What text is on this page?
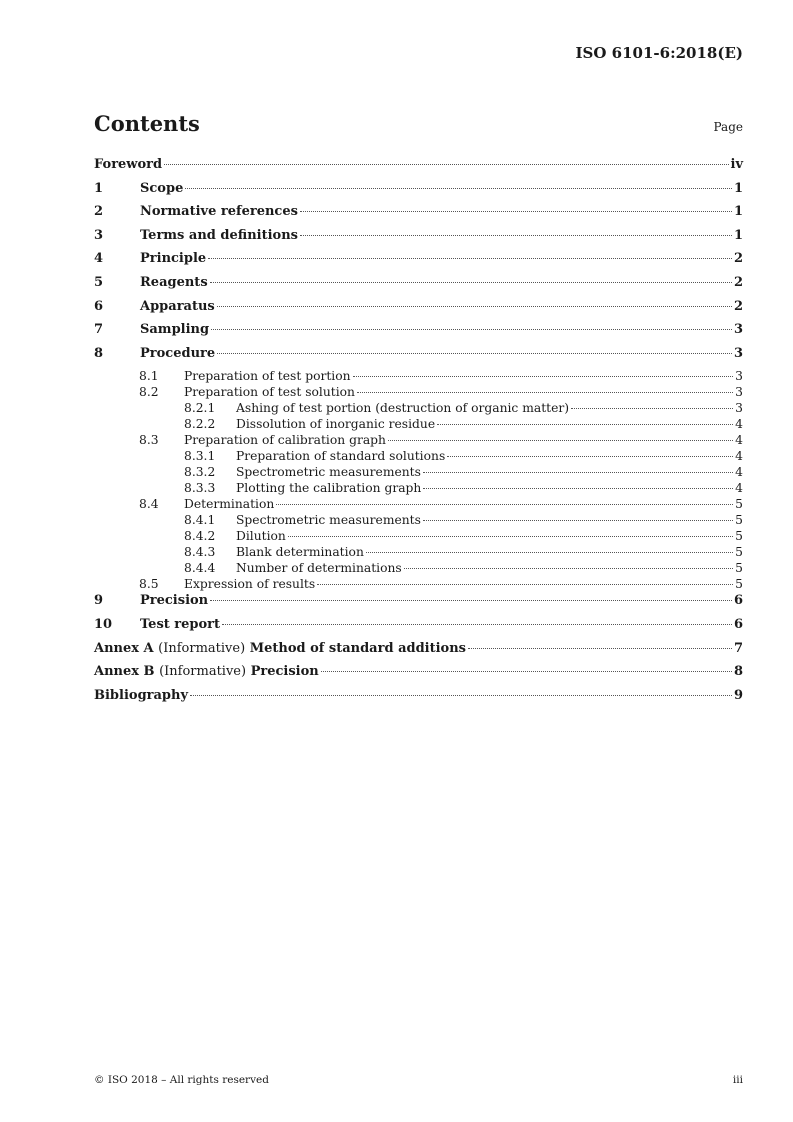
ISO 6101-6:2018(E)
Contents	Page
Foreword	iv
1	Scope	1
2	Normative references	1
3	Terms and definitions	1
4	Principle	2
5	Reagents	2
6	Apparatus	2
7	Sampling	3
8	Procedure	3
8.1	Preparation of test portion	3
8.2	Preparation of test solution	3
8.2.1	Ashing of test portion (destruction of organic matter)	3
8.2.2	Dissolution of inorganic residue	4
8.3	Preparation of calibration graph	4
8.3.1	Preparation of standard solutions	4
8.3.2	Spectrometric measurements	4
8.3.3	Plotting the calibration graph	4
8.4	Determination	5
8.4.1	Spectrometric measurements	5
8.4.2	Dilution	5
8.4.3	Blank determination	5
8.4.4	Number of determinations	5
8.5	Expression of results	5
9	Precision	6
10	Test report	6
Annex A (Informative) Method of standard additions	7
Annex B (Informative) Precision	8
Bibliography	9
© ISO 2018 – All rights reserved	iii
